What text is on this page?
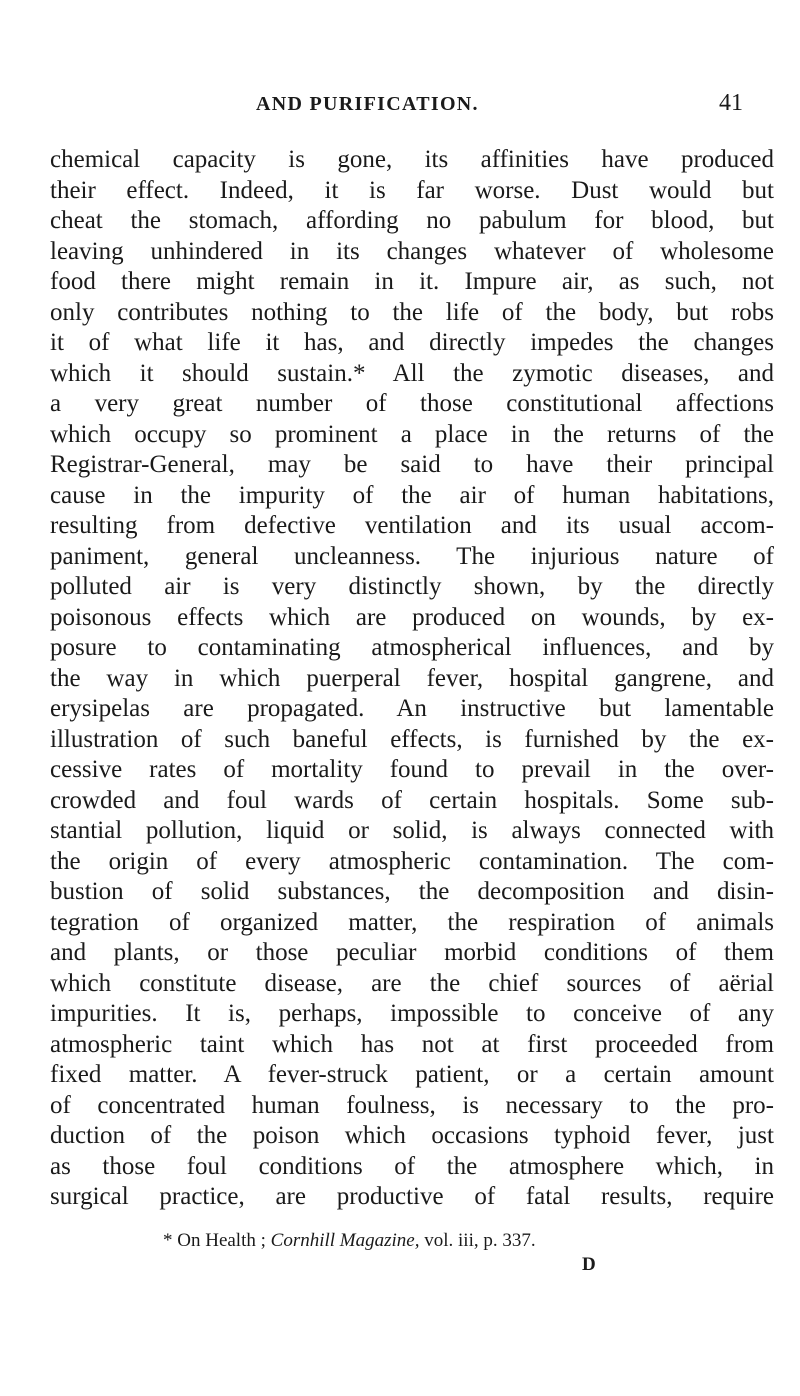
AND PURIFICATION.	41
chemical capacity is gone, its affinities have produced
their effect. Indeed, it is far worse. Dust would but
cheat the stomach, affording no pabulum for blood, but
leaving unhindered in its changes whatever of wholesome
food there might remain in it. Impure air, as such, not
only contributes nothing to the life of the body, but robs
it of what life it has, and directly impedes the changes
which it should sustain.* All the zymotic diseases, and
a very great number of those constitutional affections
which occupy so prominent a place in the returns of the
Registrar-General, may be said to have their principal
cause in the impurity of the air of human habitations,
resulting from defective ventilation and its usual accom-
paniment, general uncleanness. The injurious nature of
polluted air is very distinctly shown, by the directly
poisonous effects which are produced on wounds, by ex-
posure to contaminating atmospherical influences, and by
the way in which puerperal fever, hospital gangrene, and
erysipelas are propagated. An instructive but lamentable
illustration of such baneful effects, is furnished by the ex-
cessive rates of mortality found to prevail in the over-
crowded and foul wards of certain hospitals. Some sub-
stantial pollution, liquid or solid, is always connected with
the origin of every atmospheric contamination. The com-
bustion of solid substances, the decomposition and disin-
tegration of organized matter, the respiration of animals
and plants, or those peculiar morbid conditions of them
which constitute disease, are the chief sources of aërial
impurities. It is, perhaps, impossible to conceive of any
atmospheric taint which has not at first proceeded from
fixed matter. A fever-struck patient, or a certain amount
of concentrated human foulness, is necessary to the pro-
duction of the poison which occasions typhoid fever, just
as those foul conditions of the atmosphere which, in
surgical practice, are productive of fatal results, require
* On Health ; Cornhill Magazine, vol. iii, p. 337.
D
